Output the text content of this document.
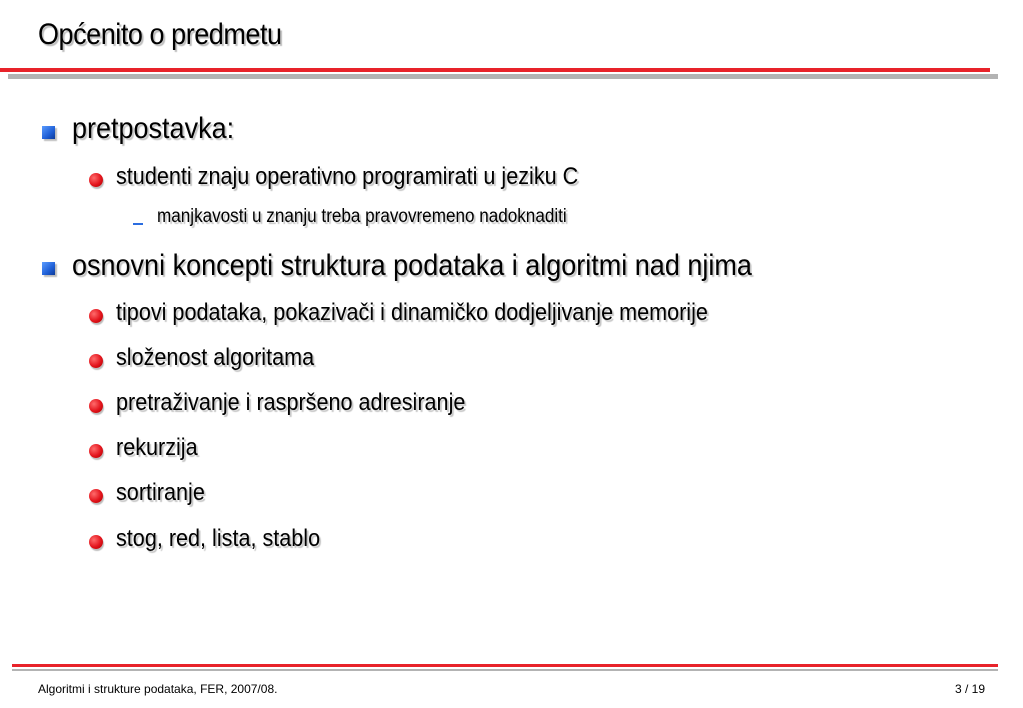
Općenito o predmetu
pretpostavka:
studenti znaju operativno programirati u jeziku C
manjkavosti u znanju treba pravovremeno nadoknaditi
osnovni koncepti struktura podataka i algoritmi nad njima
tipovi podataka, pokazivači i dinamičko dodjeljivanje memorije
složenost algoritama
pretraživanje i raspršeno adresiranje
rekurzija
sortiranje
stog, red, lista, stablo
Algoritmi i strukture podataka, FER, 2007/08.	3 / 19
